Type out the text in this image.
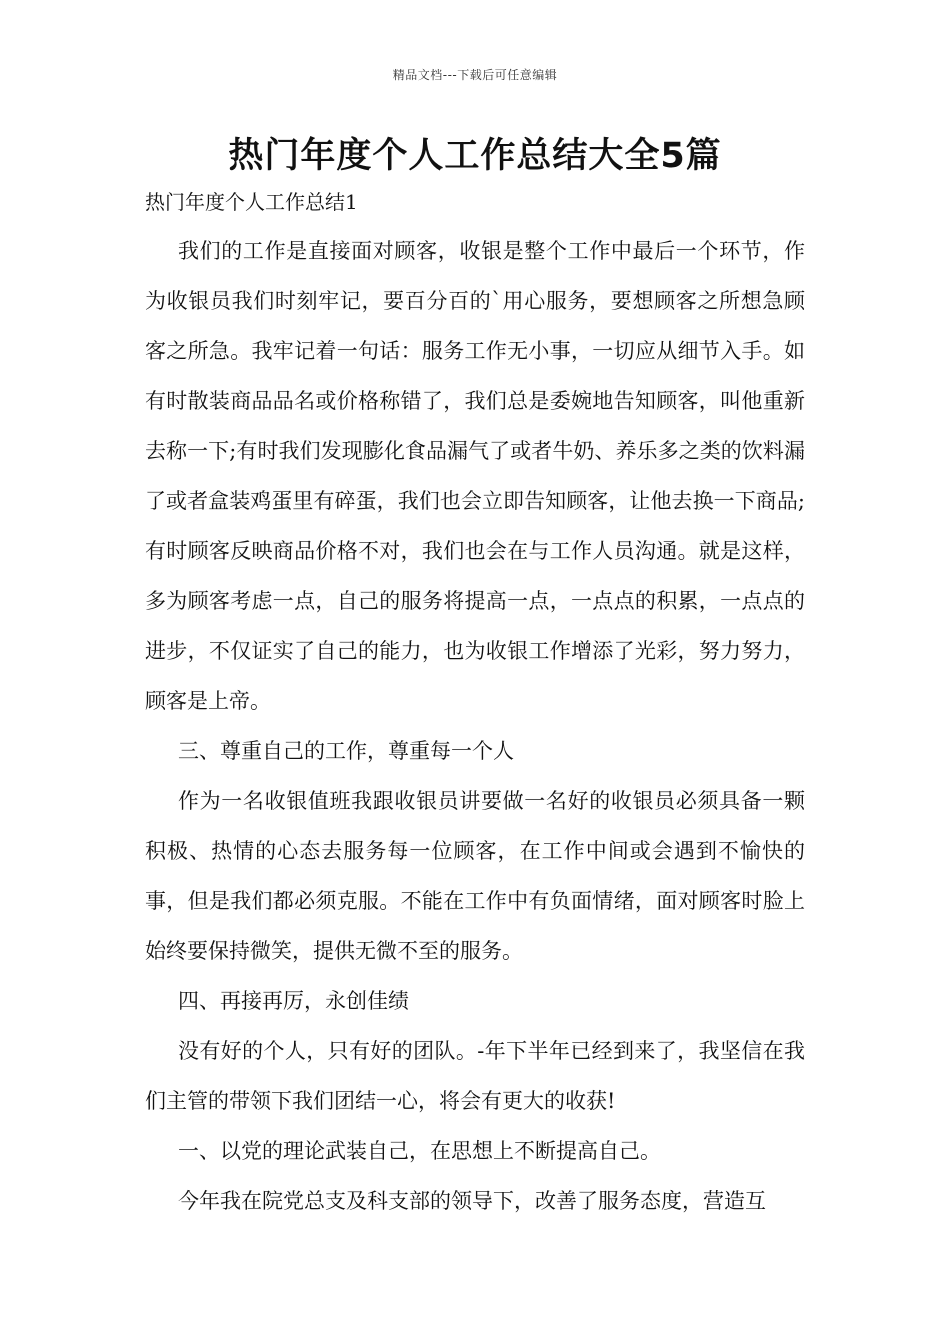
精品文档---下载后可任意编辑
热门年度个人工作总结大全5篇
热门年度个人工作总结1

我们的工作是直接面对顾客，收银是整个工作中最后一个环节，作为收银员我们时刻牢记，要百分百的`用心服务，要想顾客之所想急顾客之所急。我牢记着一句话：服务工作无小事，一切应从细节入手。如有时散装商品品名或价格称错了，我们总是委婉地告知顾客，叫他重新去称一下;有时我们发现膨化食品漏气了或者牛奶、养乐多之类的饮料漏了或者盒装鸡蛋里有碎蛋，我们也会立即告知顾客，让他去换一下商品;有时顾客反映商品价格不对，我们也会在与工作人员沟通。就是这样，多为顾客考虑一点，自己的服务将提高一点，一点点的积累，一点点的进步，不仅证实了自己的能力，也为收银工作增添了光彩，努力努力，顾客是上帝。

三、尊重自己的工作，尊重每一个人

作为一名收银值班我跟收银员讲要做一名好的收银员必须具备一颗积极、热情的心态去服务每一位顾客，在工作中间或会遇到不愉快的事，但是我们都必须克服。不能在工作中有负面情绪，面对顾客时脸上始终要保持微笑，提供无微不至的服务。

四、再接再厉，永创佳绩

没有好的个人，只有好的团队。-年下半年已经到来了，我坚信在我们主管的带领下我们团结一心，将会有更大的收获!

一、以党的理论武装自己，在思想上不断提高自己。

今年我在院党总支及科支部的领导下，改善了服务态度，营造互
